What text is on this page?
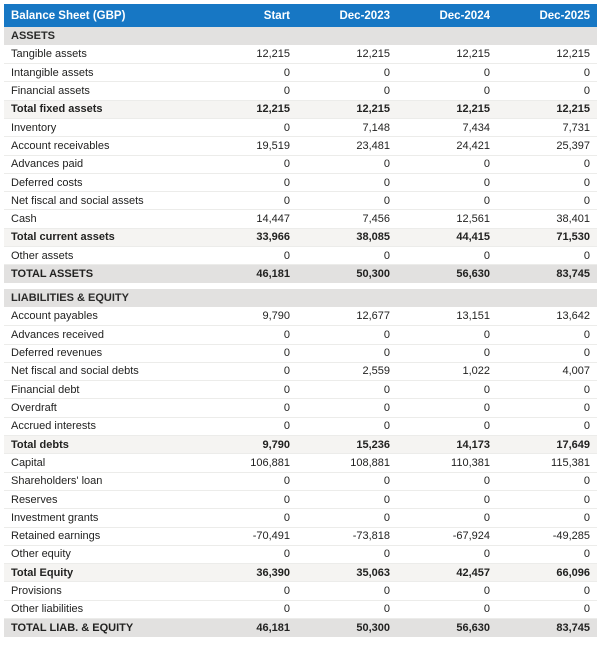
Balance Sheet (GBP)	Start	Dec-2023	Dec-2024	Dec-2025
ASSETS				
Tangible assets	12,215	12,215	12,215	12,215
Intangible assets	0	0	0	0
Financial assets	0	0	0	0
Total fixed assets	12,215	12,215	12,215	12,215
Inventory	0	7,148	7,434	7,731
Account receivables	19,519	23,481	24,421	25,397
Advances paid	0	0	0	0
Deferred costs	0	0	0	0
Net fiscal and social assets	0	0	0	0
Cash	14,447	7,456	12,561	38,401
Total current assets	33,966	38,085	44,415	71,530
Other assets	0	0	0	0
TOTAL ASSETS	46,181	50,300	56,630	83,745

LIABILITIES & EQUITY				
Account payables	9,790	12,677	13,151	13,642
Advances received	0	0	0	0
Deferred revenues	0	0	0	0
Net fiscal and social debts	0	2,559	1,022	4,007
Financial debt	0	0	0	0
Overdraft	0	0	0	0
Accrued interests	0	0	0	0
Total debts	9,790	15,236	14,173	17,649
Capital	106,881	108,881	110,381	115,381
Shareholders' loan	0	0	0	0
Reserves	0	0	0	0
Investment grants	0	0	0	0
Retained earnings	-70,491	-73,818	-67,924	-49,285
Other equity	0	0	0	0
Total Equity	36,390	35,063	42,457	66,096
Provisions	0	0	0	0
Other liabilities	0	0	0	0
TOTAL LIAB. & EQUITY	46,181	50,300	56,630	83,745
